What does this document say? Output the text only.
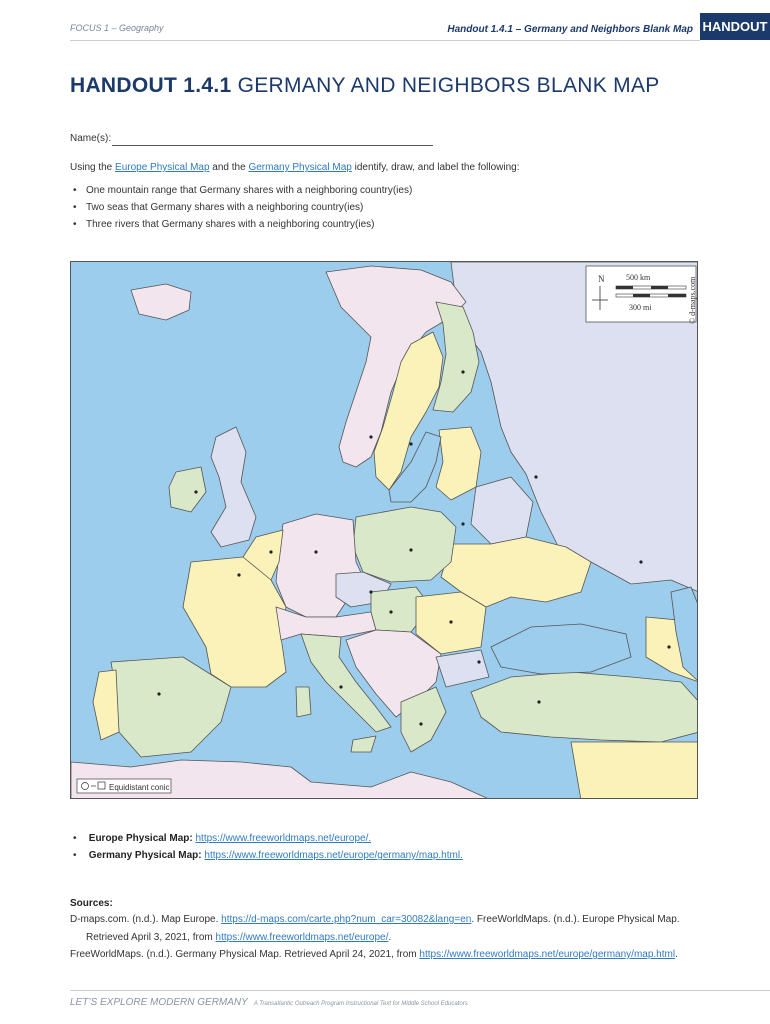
FOCUS 1 – Geography	Handout 1.4.1 – Germany and Neighbors Blank Map HANDOUT
HANDOUT 1.4.1 GERMANY AND NEIGHBORS BLANK MAP
Name(s):
Using the Europe Physical Map and the Germany Physical Map identify, draw, and label the following:
• One mountain range that Germany shares with a neighboring country(ies)
• Two seas that Germany shares with a neighboring country(ies)
• Three rivers that Germany shares with a neighboring country(ies)
N	500 km
300 mi	© d-maps.com
Equidistant conic
• Europe Physical Map: https://www.freeworldmaps.net/europe/.
• Germany Physical Map: https://www.freeworldmaps.net/europe/germany/map.html.
Sources:
D-maps.com. (n.d.). Map Europe. https://d-maps.com/carte.php?num_car=30082&lang=en. FreeWorldMaps. (n.d.). Europe Physical Map.
Retrieved April 3, 2021, from https://www.freeworldmaps.net/europe/.
FreeWorldMaps. (n.d.). Germany Physical Map. Retrieved April 24, 2021, from https://www.freeworldmaps.net/europe/germany/map.html.
LET’S EXPLORE MODERN GERMANY A Transatlantic Outreach Program Instructional Text for Middle School Educators
